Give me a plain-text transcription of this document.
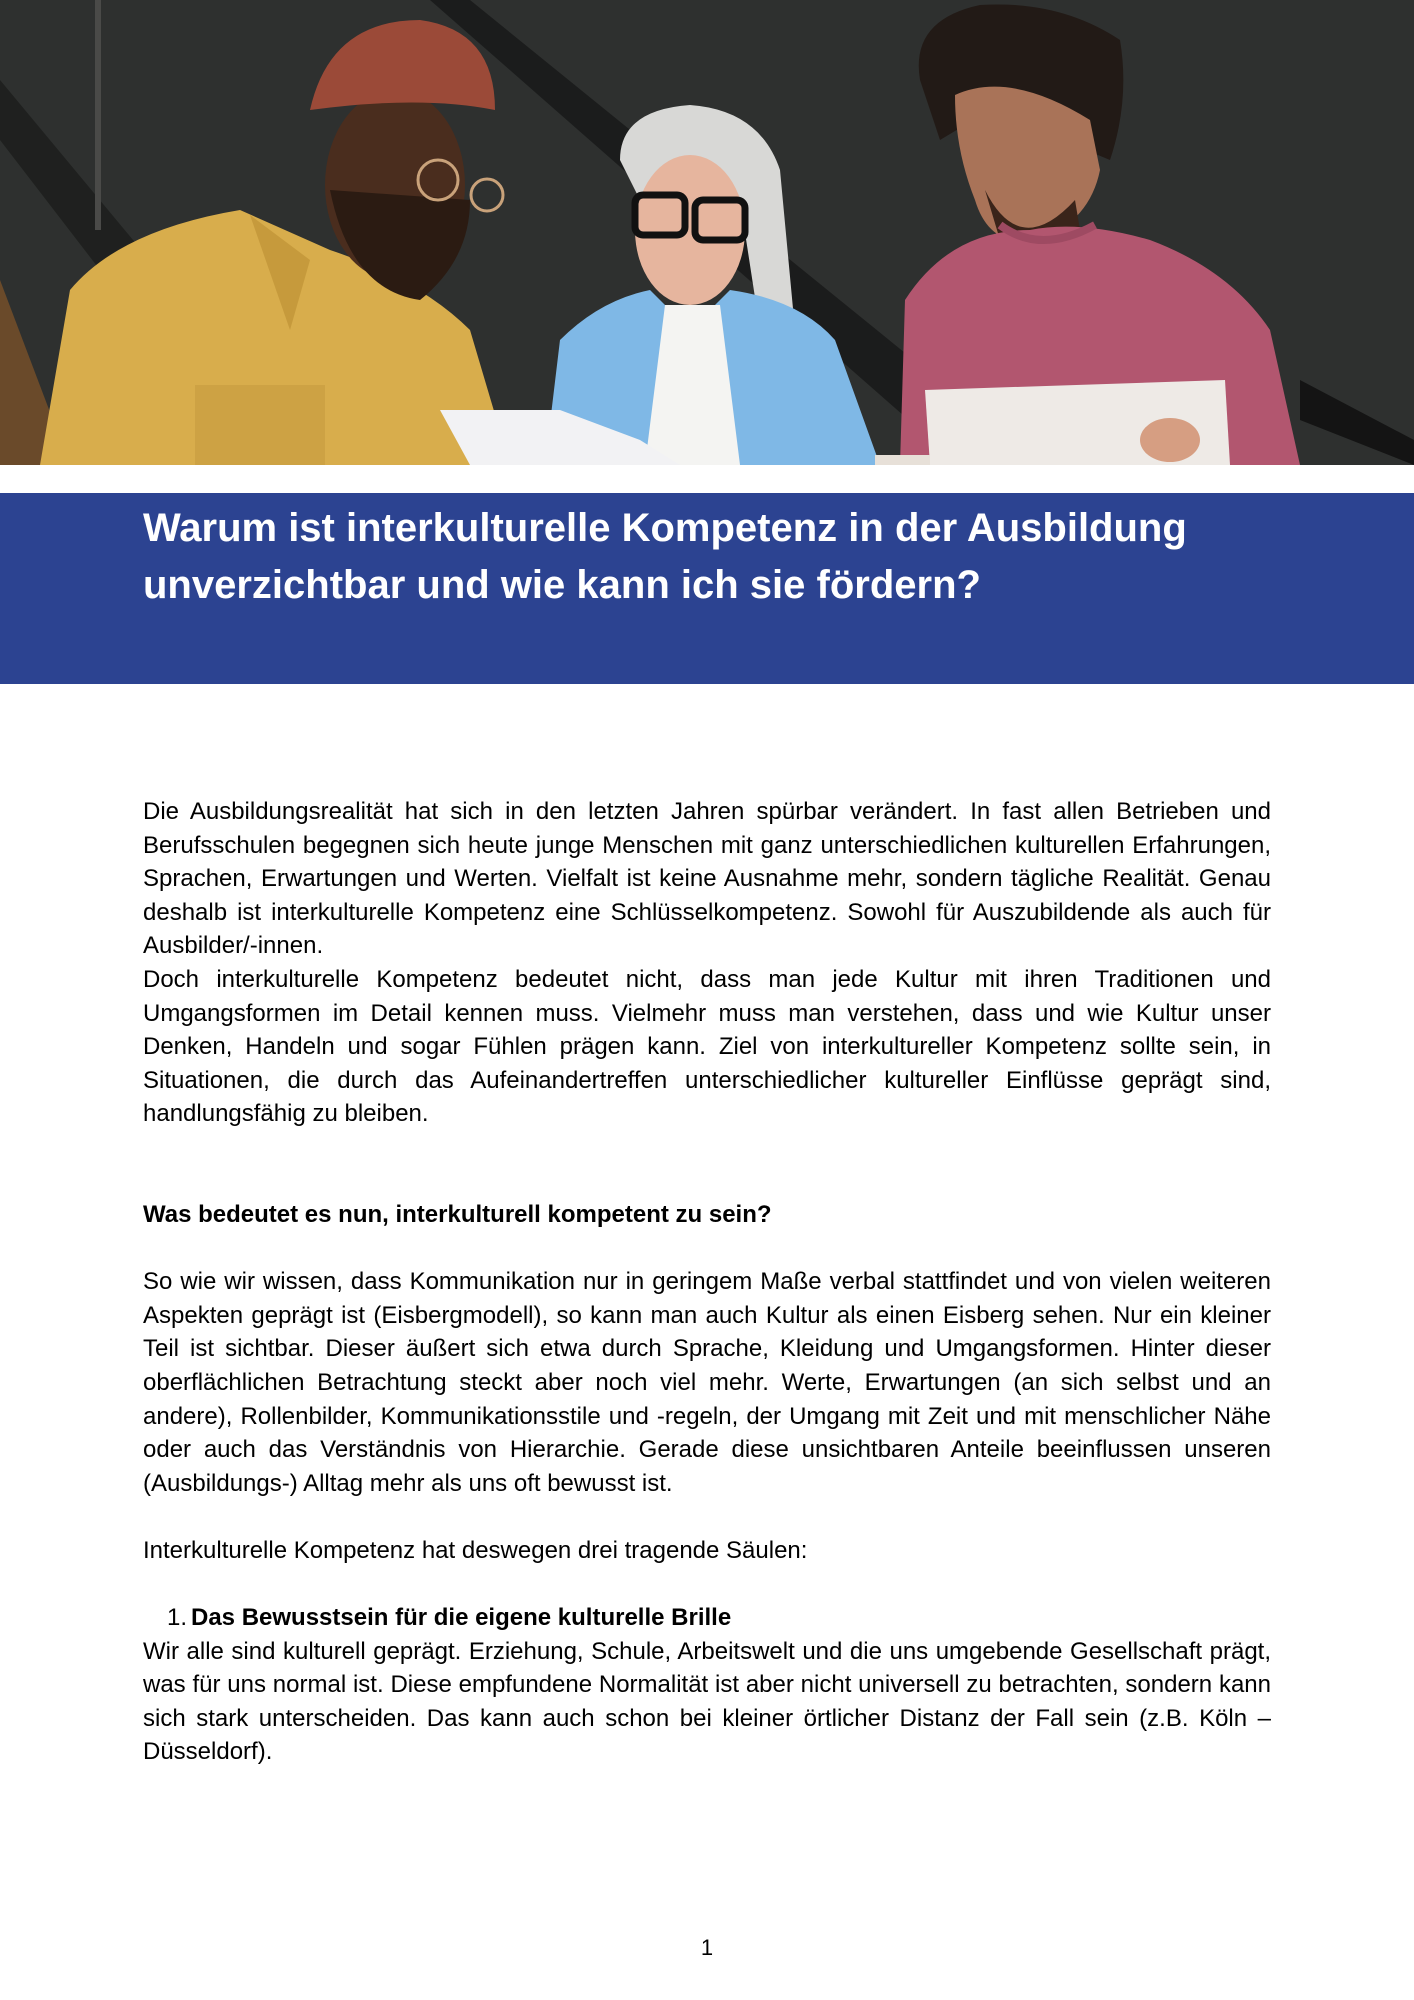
Warum ist interkulturelle Kompetenz in der Ausbildung unverzichtbar und wie kann ich sie fördern?

Die Ausbildungsrealität hat sich in den letzten Jahren spürbar verändert. In fast allen Betrieben und Berufsschulen begegnen sich heute junge Menschen mit ganz unterschiedlichen kulturellen Erfahrungen, Sprachen, Erwartungen und Werten. Vielfalt ist keine Ausnahme mehr, sondern tägliche Realität. Genau deshalb ist interkulturelle Kompetenz eine Schlüsselkompetenz. Sowohl für Auszubildende als auch für Ausbilder/-innen.

Doch interkulturelle Kompetenz bedeutet nicht, dass man jede Kultur mit ihren Traditionen und Umgangsformen im Detail kennen muss. Vielmehr muss man verstehen, dass und wie Kultur unser Denken, Handeln und sogar Fühlen prägen kann. Ziel von interkultureller Kompetenz sollte sein, in Situationen, die durch das Aufeinandertreffen unterschiedlicher kultureller Einflüsse geprägt sind, handlungsfähig zu bleiben.

Was bedeutet es nun, interkulturell kompetent zu sein?

So wie wir wissen, dass Kommunikation nur in geringem Maße verbal stattfindet und von vielen weiteren Aspekten geprägt ist (Eisbergmodell), so kann man auch Kultur als einen Eisberg sehen. Nur ein kleiner Teil ist sichtbar. Dieser äußert sich etwa durch Sprache, Kleidung und Umgangsformen. Hinter dieser oberflächlichen Betrachtung steckt aber noch viel mehr. Werte, Erwartungen (an sich selbst und an andere), Rollenbilder, Kommunikationsstile und -regeln, der Umgang mit Zeit und mit menschlicher Nähe oder auch das Verständnis von Hierarchie. Gerade diese unsichtbaren Anteile beeinflussen unseren (Ausbildungs-) Alltag mehr als uns oft bewusst ist.

Interkulturelle Kompetenz hat deswegen drei tragende Säulen:

1. Das Bewusstsein für die eigene kulturelle Brille

Wir alle sind kulturell geprägt. Erziehung, Schule, Arbeitswelt und die uns umgebende Gesellschaft prägt, was für uns normal ist. Diese empfundene Normalität ist aber nicht universell zu betrachten, sondern kann sich stark unterscheiden. Das kann auch schon bei kleiner örtlicher Distanz der Fall sein (z.B. Köln – Düsseldorf).

1
